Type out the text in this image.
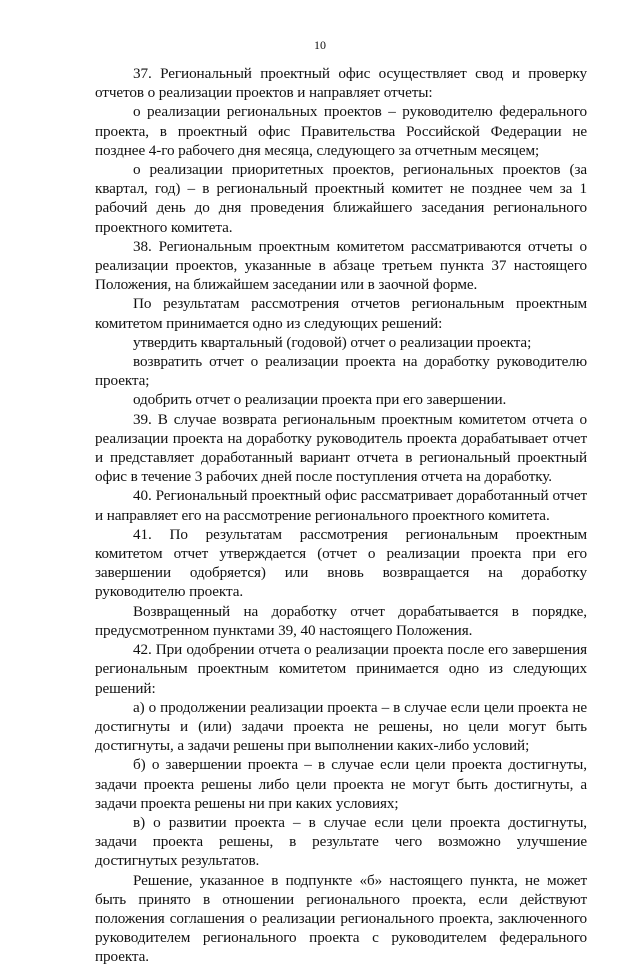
10

37. Региональный проектный офис осуществляет свод и проверку отчетов о реализации проектов и направляет отчеты:

о реализации региональных проектов – руководителю федерального проекта, в проектный офис Правительства Российской Федерации не позднее 4-го рабочего дня месяца, следующего за отчетным месяцем;

о реализации приоритетных проектов, региональных проектов (за квартал, год) – в региональный проектный комитет не позднее чем за 1 рабочий день до дня проведения ближайшего заседания регионального проектного комитета.

38. Региональным проектным комитетом рассматриваются отчеты о реализации проектов, указанные в абзаце третьем пункта 37 настоящего Положения, на ближайшем заседании или в заочной форме.

По результатам рассмотрения отчетов региональным проектным комитетом принимается одно из следующих решений:

утвердить квартальный (годовой) отчет о реализации проекта;

возвратить отчет о реализации проекта на доработку руководителю проекта;

одобрить отчет о реализации проекта при его завершении.

39. В случае возврата региональным проектным комитетом отчета о реализации проекта на доработку руководитель проекта дорабатывает отчет и представляет доработанный вариант отчета в региональный проектный офис в течение 3 рабочих дней после поступления отчета на доработку.

40. Региональный проектный офис рассматривает доработанный отчет и направляет его на рассмотрение регионального проектного комитета.

41. По результатам рассмотрения региональным проектным комитетом отчет утверждается (отчет о реализации проекта при его завершении одобряется) или вновь возвращается на доработку руководителю проекта.

Возвращенный на доработку отчет дорабатывается в порядке, предусмотренном пунктами 39, 40 настоящего Положения.

42. При одобрении отчета о реализации проекта после его завершения региональным проектным комитетом принимается одно из следующих решений:

а) о продолжении реализации проекта – в случае если цели проекта не достигнуты и (или) задачи проекта не решены, но цели могут быть достигнуты, а задачи решены при выполнении каких-либо условий;

б) о завершении проекта – в случае если цели проекта достигнуты, задачи проекта решены либо цели проекта не могут быть достигнуты, а задачи проекта решены ни при каких условиях;

в) о развитии проекта – в случае если цели проекта достигнуты, задачи проекта решены, в результате чего возможно улучшение достигнутых результатов.

Решение, указанное в подпункте «б» настоящего пункта, не может быть принято в отношении регионального проекта, если действуют положения соглашения о реализации регионального проекта, заключенного руководителем регионального проекта с руководителем федерального проекта.
